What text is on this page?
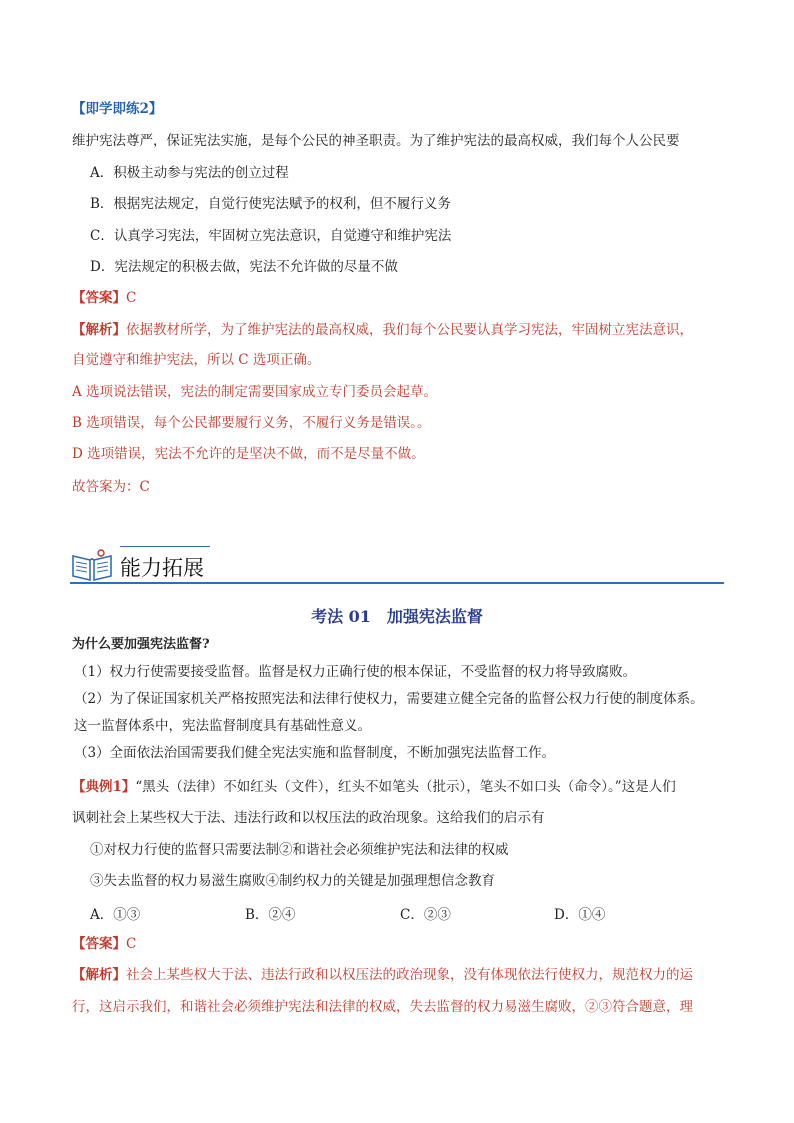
【即学即练2】
维护宪法尊严，保证宪法实施，是每个公民的神圣职责。为了维护宪法的最高权威，我们每个人公民要
A．积极主动参与宪法的创立过程
B．根据宪法规定，自觉行使宪法赋予的权利，但不履行义务
C．认真学习宪法，牢固树立宪法意识，自觉遵守和维护宪法
D．宪法规定的积极去做，宪法不允许做的尽量不做
【答案】C
【解析】依据教材所学，为了维护宪法的最高权威，我们每个公民要认真学习宪法，牢固树立宪法意识，
自觉遵守和维护宪法，所以 C 选项正确。
A 选项说法错误，宪法的制定需要国家成立专门委员会起草。
B 选项错误，每个公民都要履行义务，不履行义务是错误。。
D 选项错误，宪法不允许的是坚决不做，而不是尽量不做。
故答案为：C
能力拓展
考法 01　加强宪法监督
为什么要加强宪法监督?
（1）权力行使需要接受监督。监督是权力正确行使的根本保证，不受监督的权力将导致腐败。
（2）为了保证国家机关严格按照宪法和法律行使权力，需要建立健全完备的监督公权力行使的制度体系。
这一监督体系中，宪法监督制度具有基础性意义。
（3）全面依法治国需要我们健全宪法实施和监督制度，不断加强宪法监督工作。
【典例1】“黑头（法律）不如红头（文件），红头不如笔头（批示），笔头不如口头（命令）。”这是人们
讽刺社会上某些权大于法、违法行政和以权压法的政治现象。这给我们的启示有
①对权力行使的监督只需要法制②和谐社会必须维护宪法和法律的权威
③失去监督的权力易滋生腐败④制约权力的关键是加强理想信念教育
A．①③	B．②④	C．②③	D．①④
【答案】C
【解析】社会上某些权大于法、违法行政和以权压法的政治现象，没有体现依法行使权力，规范权力的运
行，这启示我们，和谐社会必须维护宪法和法律的权威，失去监督的权力易滋生腐败，②③符合题意，理
